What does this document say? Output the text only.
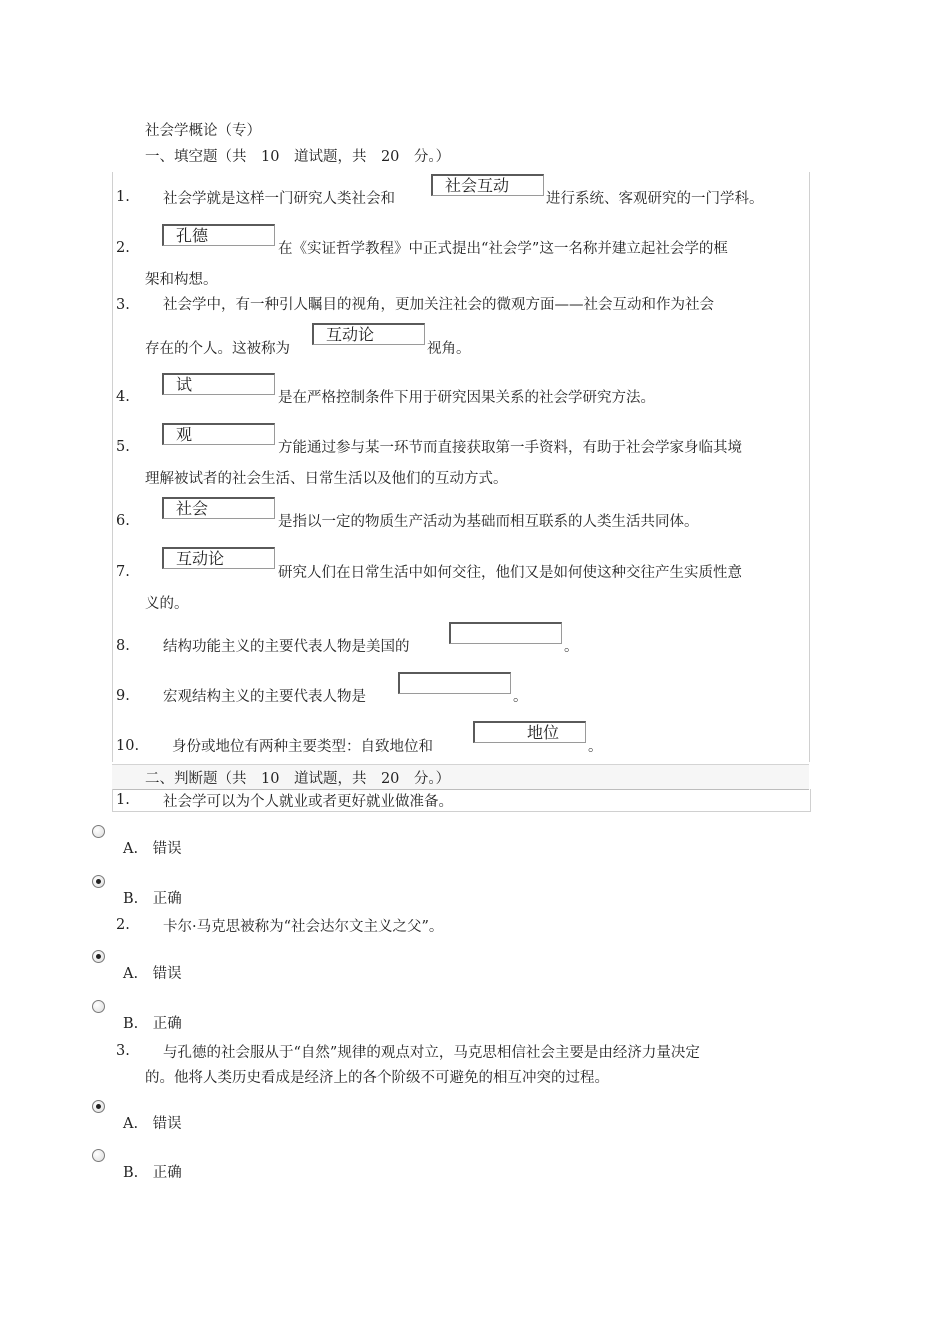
社会学概论（专）
一、填空题（共　10　道试题，共　20　分。）
1. 社会学就是这样一门研究人类社会和
社会互动
进行系统、客观研究的一门学科。
2.
孔德
在《实证哲学教程》中正式提出“社会学”这一名称并建立起社会学的框
架和构想。
3. 社会学中，有一种引人瞩目的视角，更加关注社会的微观方面——社会互动和作为社会
存在的个人。这被称为
互动论
视角。
4.
试
是在严格控制条件下用于研究因果关系的社会学研究方法。
5.
观
方能通过参与某一环节而直接获取第一手资料，有助于社会学家身临其境
理解被试者的社会生活、日常生活以及他们的互动方式。
6.
社会
是指以一定的物质生产活动为基础而相互联系的人类生活共同体。
7.
互动论
研究人们在日常生活中如何交往，他们又是如何使这种交往产生实质性意
义的。
8. 结构功能主义的主要代表人物是美国的	。
9. 宏观结构主义的主要代表人物是	。
10. 身份或地位有两种主要类型：自致地位和
地位
。
二、判断题（共　10　道试题，共　20　分。）
1. 社会学可以为个人就业或者更好就业做准备。
A.　错误
B.　正确
2. 卡尔·马克思被称为“社会达尔文主义之父”。
A.　错误
B.　正确
3. 与孔德的社会服从于“自然”规律的观点对立，马克思相信社会主要是由经济力量决定
的。他将人类历史看成是经济上的各个阶级不可避免的相互冲突的过程。
A.　错误
B.　正确
